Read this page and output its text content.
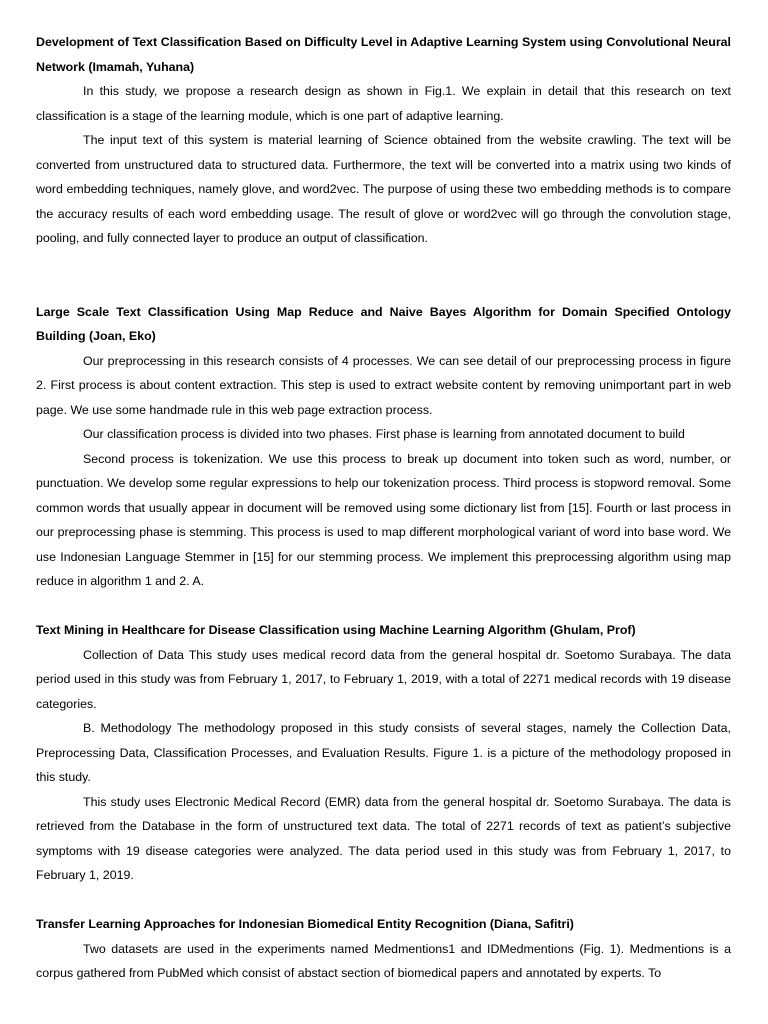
Development of Text Classification Based on Difficulty Level in Adaptive Learning System using Convolutional Neural Network (Imamah, Yuhana)

In this study, we propose a research design as shown in Fig.1. We explain in detail that this research on text classification is a stage of the learning module, which is one part of adaptive learning.

The input text of this system is material learning of Science obtained from the website crawling. The text will be converted from unstructured data to structured data. Furthermore, the text will be converted into a matrix using two kinds of word embedding techniques, namely glove, and word2vec. The purpose of using these two embedding methods is to compare the accuracy results of each word embedding usage. The result of glove or word2vec will go through the convolution stage, pooling, and fully connected layer to produce an output of classification.

Large Scale Text Classification Using Map Reduce and Naive Bayes Algorithm for Domain Specified Ontology Building (Joan, Eko)

Our preprocessing in this research consists of 4 processes. We can see detail of our preprocessing process in figure 2. First process is about content extraction. This step is used to extract website content by removing unimportant part in web page. We use some handmade rule in this web page extraction process.

Our classification process is divided into two phases. First phase is learning from annotated document to build

Second process is tokenization. We use this process to break up document into token such as word, number, or punctuation. We develop some regular expressions to help our tokenization process. Third process is stopword removal. Some common words that usually appear in document will be removed using some dictionary list from [15]. Fourth or last process in our preprocessing phase is stemming. This process is used to map different morphological variant of word into base word. We use Indonesian Language Stemmer in [15] for our stemming process. We implement this preprocessing algorithm using map reduce in algorithm 1 and 2. A.

Text Mining in Healthcare for Disease Classification using Machine Learning Algorithm (Ghulam, Prof)

Collection of Data This study uses medical record data from the general hospital dr. Soetomo Surabaya. The data period used in this study was from February 1, 2017, to February 1, 2019, with a total of 2271 medical records with 19 disease categories.

B. Methodology The methodology proposed in this study consists of several stages, namely the Collection Data, Preprocessing Data, Classification Processes, and Evaluation Results. Figure 1. is a picture of the methodology proposed in this study.

This study uses Electronic Medical Record (EMR) data from the general hospital dr. Soetomo Surabaya. The data is retrieved from the Database in the form of unstructured text data. The total of 2271 records of text as patient’s subjective symptoms with 19 disease categories were analyzed. The data period used in this study was from February 1, 2017, to February 1, 2019.

Transfer Learning Approaches for Indonesian Biomedical Entity Recognition (Diana, Safitri)

Two datasets are used in the experiments named Medmentions1 and IDMedmentions (Fig. 1). Medmentions is a corpus gathered from PubMed which consist of abstact section of biomedical papers and annotated by experts. To
